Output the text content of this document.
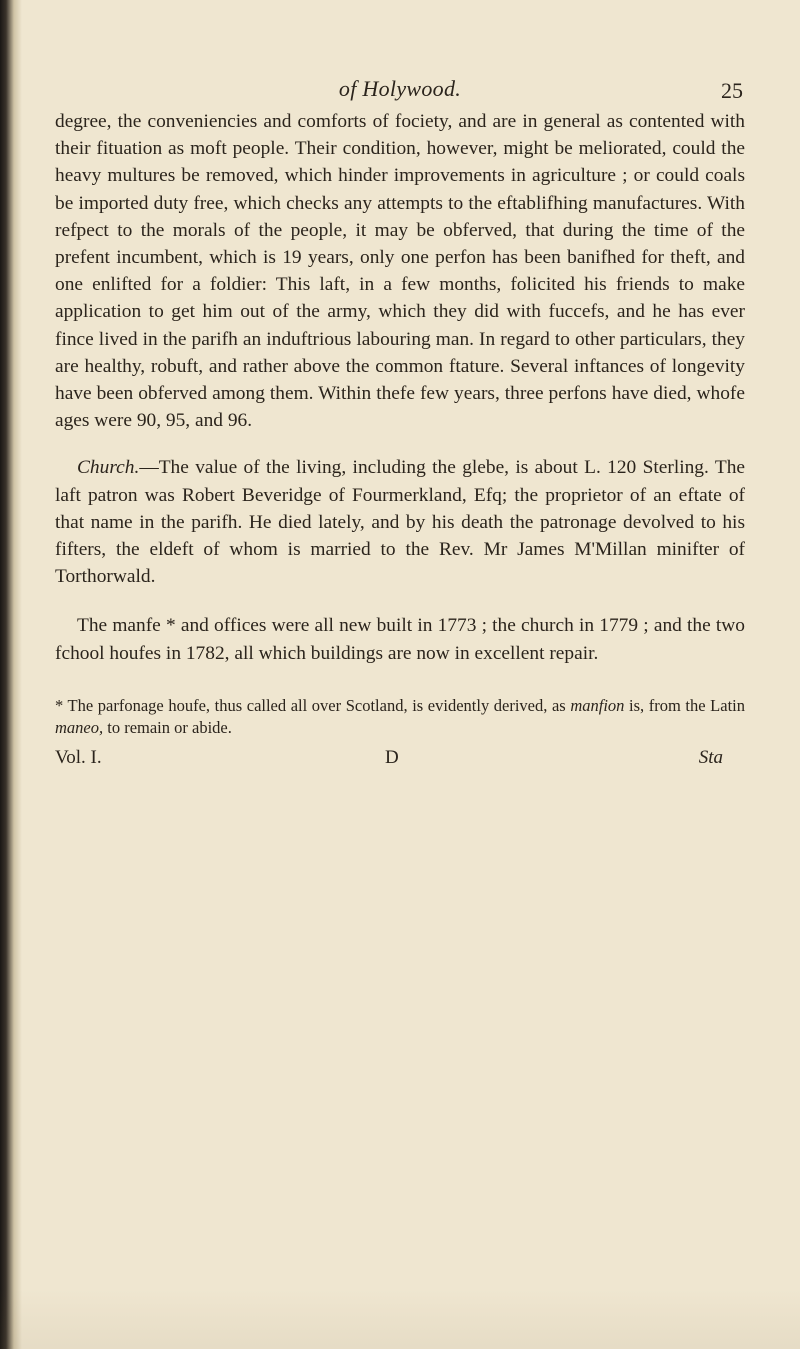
of Holywood.	25

degree, the conveniencies and comforts of fociety, and are in general as contented with their fituation as moft people. Their condition, however, might be meliorated, could the heavy multures be removed, which hinder improvements in agriculture ; or could coals be imported duty free, which checks any attempts to the eftablifhing manufactures. With refpect to the morals of the people, it may be obferved, that during the time of the prefent incumbent, which is 19 years, only one perfon has been banifhed for theft, and one enlifted for a foldier: This laft, in a few months, folicited his friends to make application to get him out of the army, which they did with fuccefs, and he has ever fince lived in the parifh an induftrious labouring man. In regard to other particulars, they are healthy, robuft, and rather above the common ftature. Several inftances of longevity have been obferved among them. Within thefe few years, three perfons have died, whofe ages were 90, 95, and 96.

Church.—The value of the living, including the glebe, is about L. 120 Sterling. The laft patron was Robert Beveridge of Fourmerkland, Efq; the proprietor of an eftate of that name in the parifh. He died lately, and by his death the patronage devolved to his fifters, the eldeft of whom is married to the Rev. Mr James M'Millan minifter of Torthorwald.

The manfe * and offices were all new built in 1773 ; the church in 1779 ; and the two fchool houfes in 1782, all which buildings are now in excellent repair.

* The parfonage houfe, thus called all over Scotland, is evidently derived, as manfion is, from the Latin maneo, to remain or abide.
Vol. I.	D	Sta
